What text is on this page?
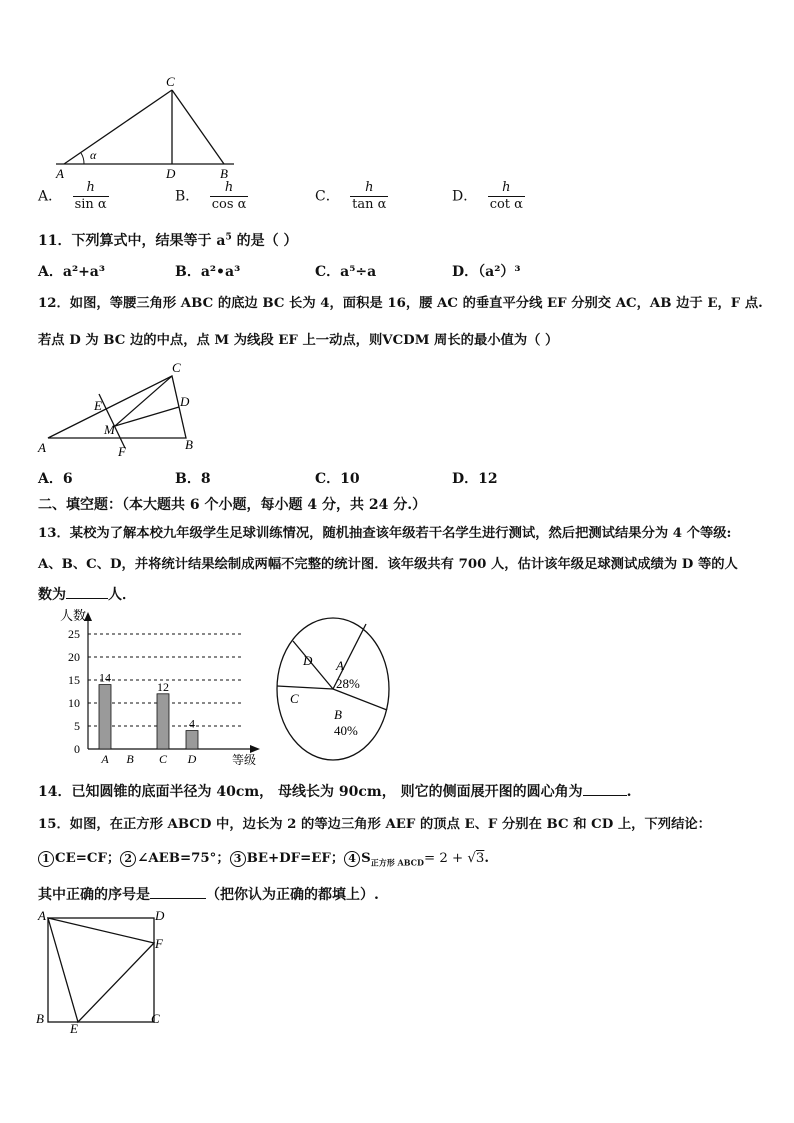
C
A	D	B
α
A． $\frac{h}{\text{sin α}}$	B． $\frac{h}{\text{cos α}}$	C． $\frac{h}{\text{tan α}}$	D． $\frac{h}{\text{cot α}}$
11．下列算式中，结果等于 $a^5$ 的是（ ）
A．a²+a³	B．a²•a³	C．a⁵÷a	D．（a²）³
12．如图，等腰三角形 ABC 的底边 BC 长为 4，面积是 16，腰 AC 的垂直平分线 EF 分别交 AC，AB 边于 E，F 点.
若点 D 为 BC 边的中点，点 M 为线段 EF 上一动点，则VCDM 周长的最小值为（ ）
C
E	D
M
A	F	B
A．6	B．8	C．10	D．12
二、填空题：（本大题共 6 个小题，每小题 4 分，共 24 分.）
13．某校为了解本校九年级学生足球训练情况，随机抽查该年级若干名学生进行测试，然后把测试结果分为 4 个等级:
A、B、C、D，并将统计结果绘制成两幅不完整的统计图．该年级共有 700 人，估计该年级足球测试成绩为 D 等的人
数为	人．
人数
等级
0
5
10
15
20
25
A B C D
14
12
4
D A
28%
C
B
40%
14．已知圆锥的底面半径为 40cm， 母线长为 90cm， 则它的侧面展开图的圆心角为	.
15．如图，在正方形 ABCD 中，边长为 2 的等边三角形 AEF 的顶点 E、F 分别在 BC 和 CD 上，下列结论：
1 CE=CF； 2 ∠AEB=75°； 3 BE+DF=EF； 4 $S_{正方形 ABCD}= 2 + √3$.
其中正确的序号是	（把你认为正确的都填上）.
A	D
F
B
E
C
